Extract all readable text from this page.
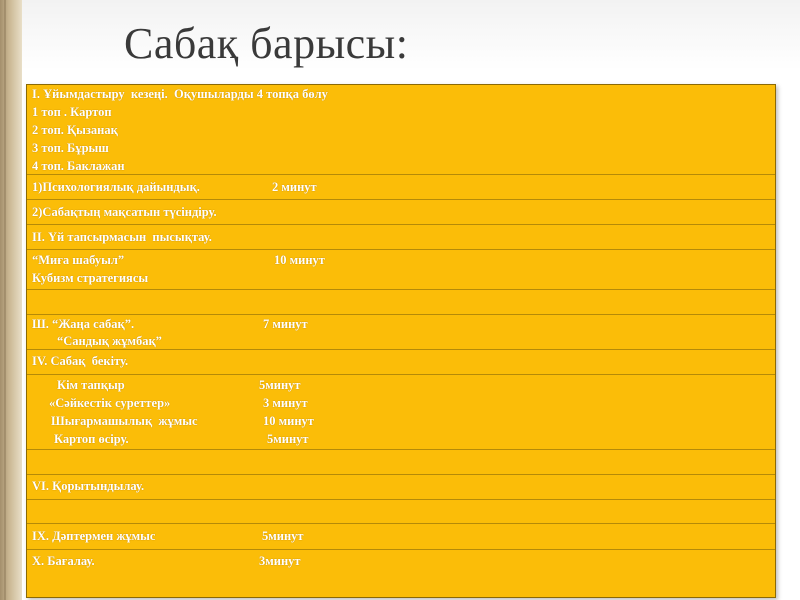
Сабақ барысы:
I. Ұйымдастыру  кезеңі.  Оқушыларды 4 топқа бөлу
1 топ . Картоп
2 топ. Қызанақ
3 топ. Бұрыш
4 топ. Баклажан
1)Психологиялық дайындық.	2 минут
2)Сабақтың мақсатын түсіндіру.
II. Үй тапсырмасын  пысықтау.
“Миға шабуыл”	10 минут
Кубизм стратегиясы
Ш. “Жаңа сабақ”.	7 минут
“Сандық жұмбақ”
IV. Сабақ  бекіту.
Кім тапқыр	5минут
«Сәйкестік суреттер»	3 минут
Шығармашылық  жұмыс	10 минут
Картоп өсіру.	5минут
VI. Қорытындылау.
IX. Дәптермен жұмыс	5минут
X. Бағалау.	3минут
